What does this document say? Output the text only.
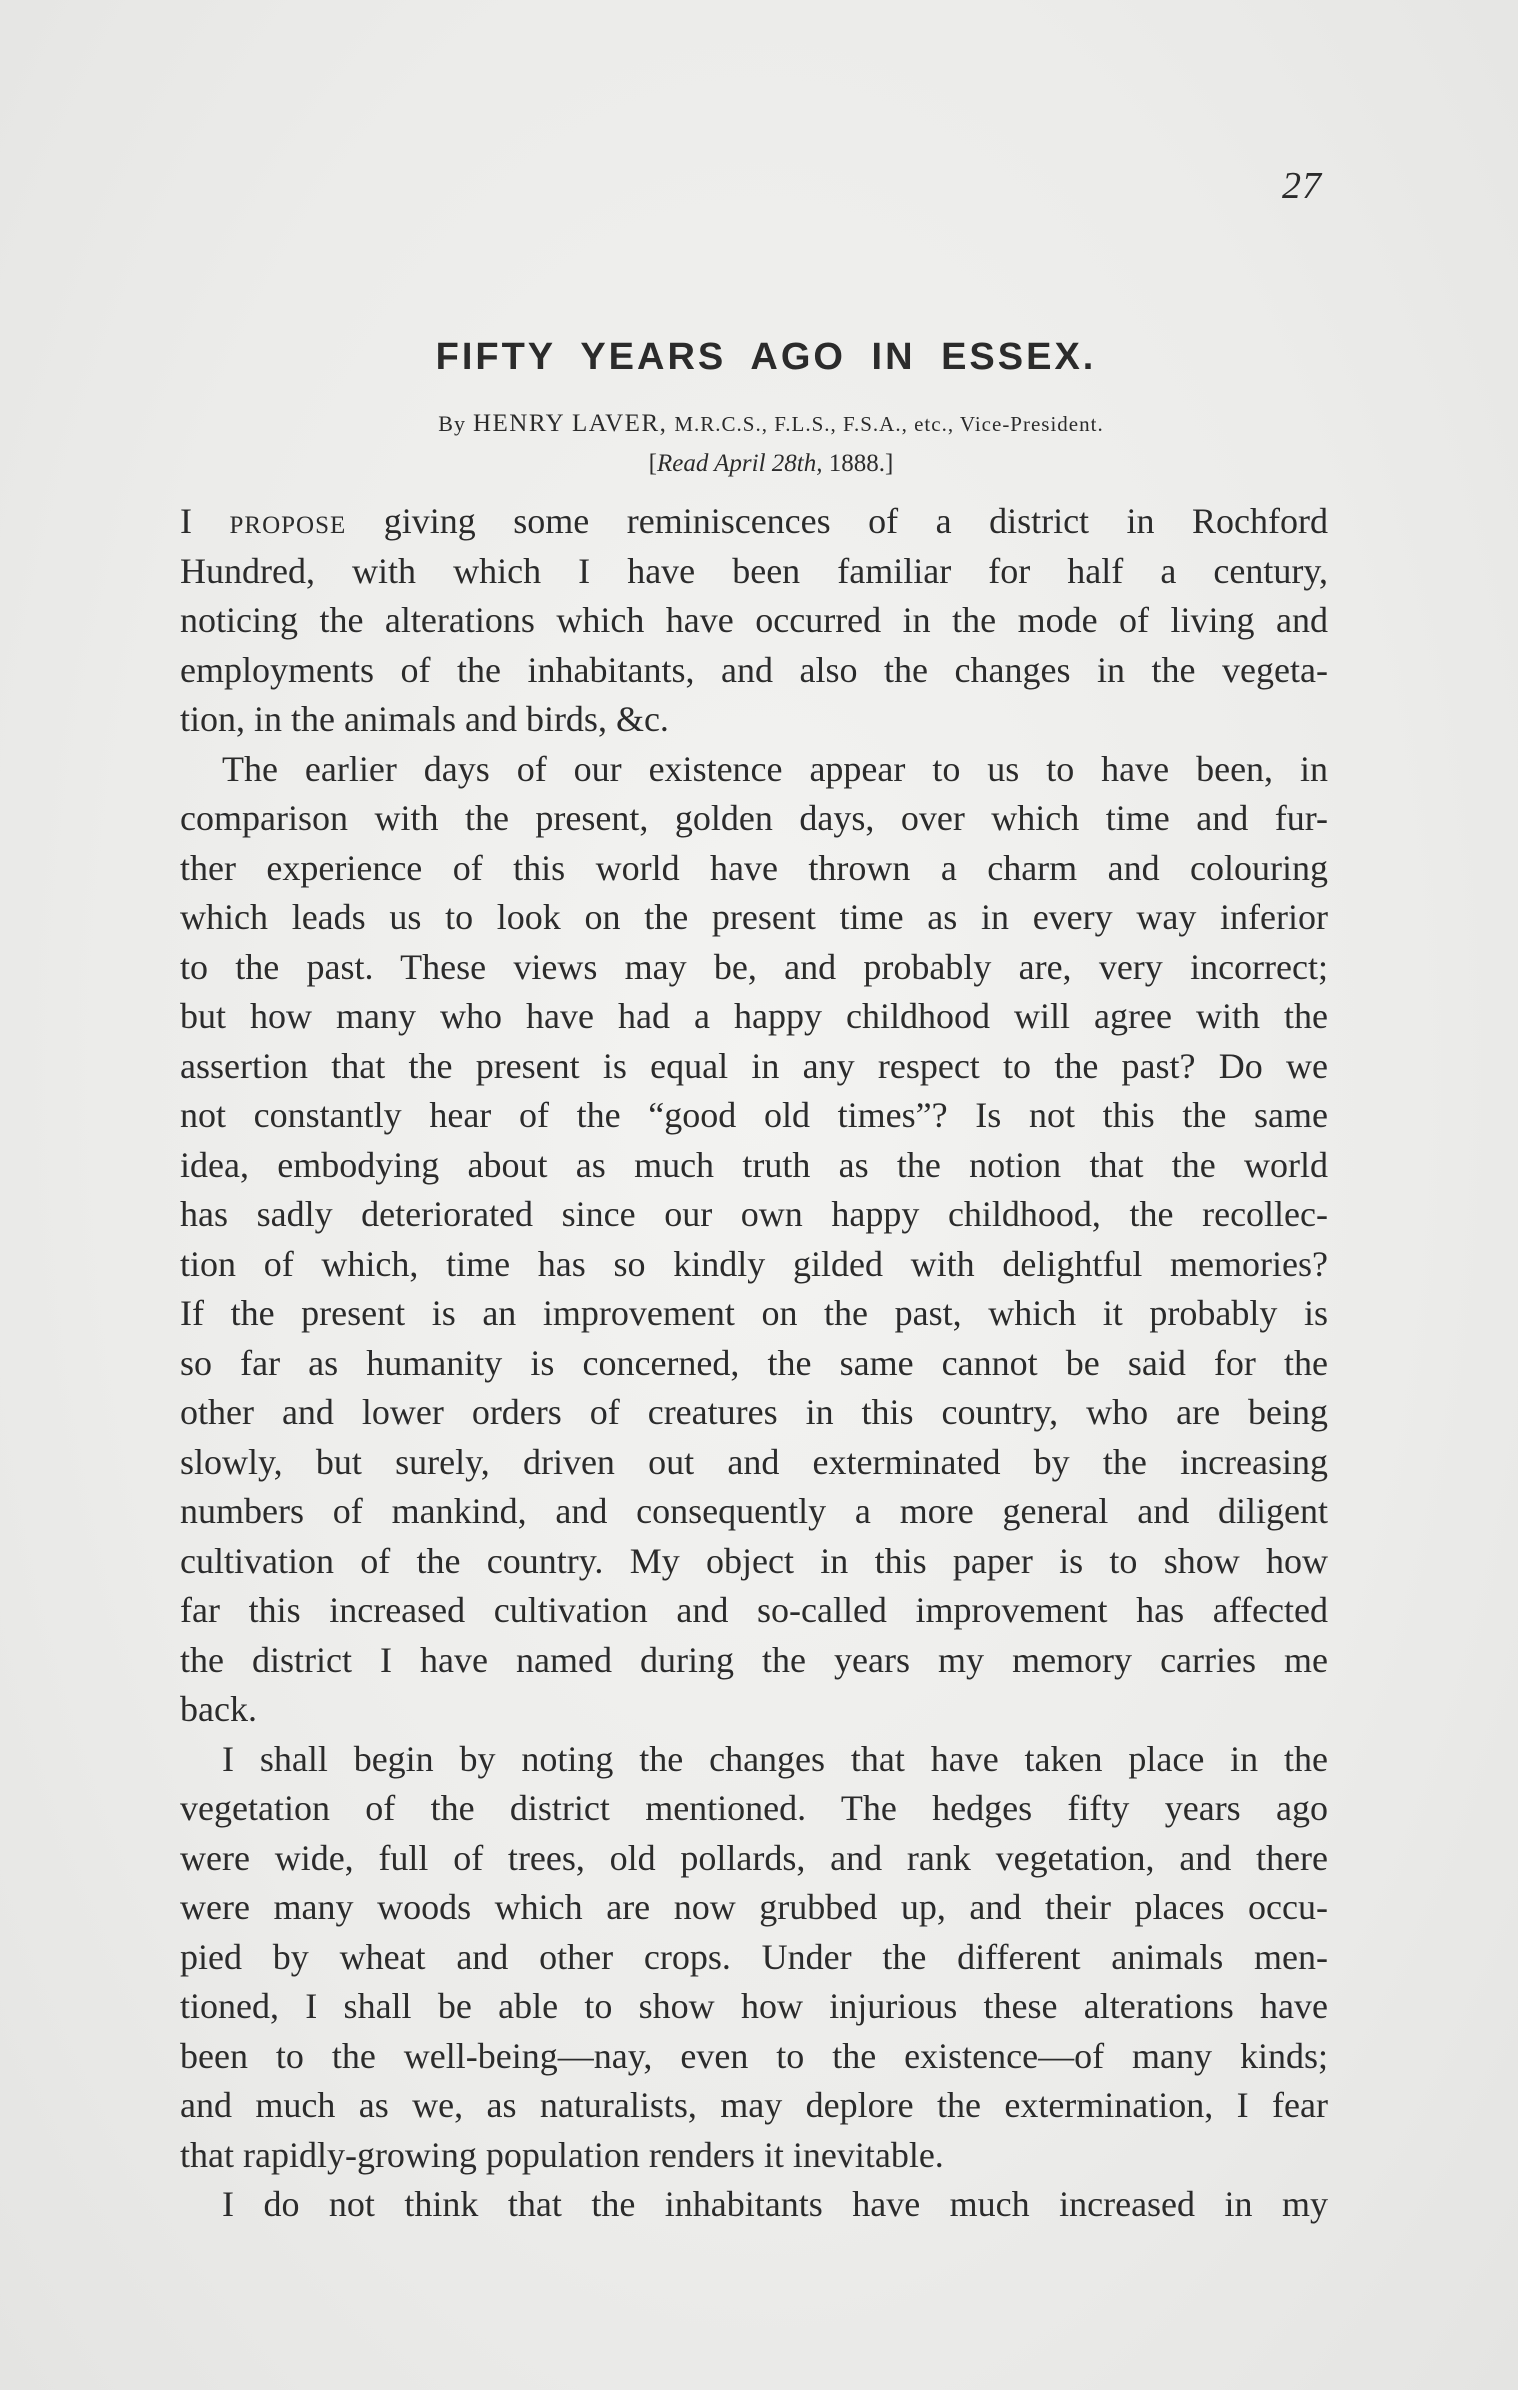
27
FIFTY YEARS AGO IN ESSEX.
By HENRY LAVER, M.R.C.S., F.L.S., F.S.A., etc., Vice-President.
[Read April 28th, 1888.]
I propose giving some reminiscences of a district in Rochford
Hundred, with which I have been familiar for half a century,
noticing the alterations which have occurred in the mode of living and
employments of the inhabitants, and also the changes in the vegeta-
tion, in the animals and birds, &c.
The earlier days of our existence appear to us to have been, in
comparison with the present, golden days, over which time and fur-
ther experience of this world have thrown a charm and colouring
which leads us to look on the present time as in every way inferior
to the past. These views may be, and probably are, very incorrect;
but how many who have had a happy childhood will agree with the
assertion that the present is equal in any respect to the past? Do we
not constantly hear of the “good old times”? Is not this the same
idea, embodying about as much truth as the notion that the world
has sadly deteriorated since our own happy childhood, the recollec-
tion of which, time has so kindly gilded with delightful memories?
If the present is an improvement on the past, which it probably is
so far as humanity is concerned, the same cannot be said for the
other and lower orders of creatures in this country, who are being
slowly, but surely, driven out and exterminated by the increasing
numbers of mankind, and consequently a more general and diligent
cultivation of the country. My object in this paper is to show how
far this increased cultivation and so-called improvement has affected
the district I have named during the years my memory carries me
back.
I shall begin by noting the changes that have taken place in the
vegetation of the district mentioned. The hedges fifty years ago
were wide, full of trees, old pollards, and rank vegetation, and there
were many woods which are now grubbed up, and their places occu-
pied by wheat and other crops. Under the different animals men-
tioned, I shall be able to show how injurious these alterations have
been to the well-being—nay, even to the existence—of many kinds;
and much as we, as naturalists, may deplore the extermination, I fear
that rapidly-growing population renders it inevitable.
I do not think that the inhabitants have much increased in my
